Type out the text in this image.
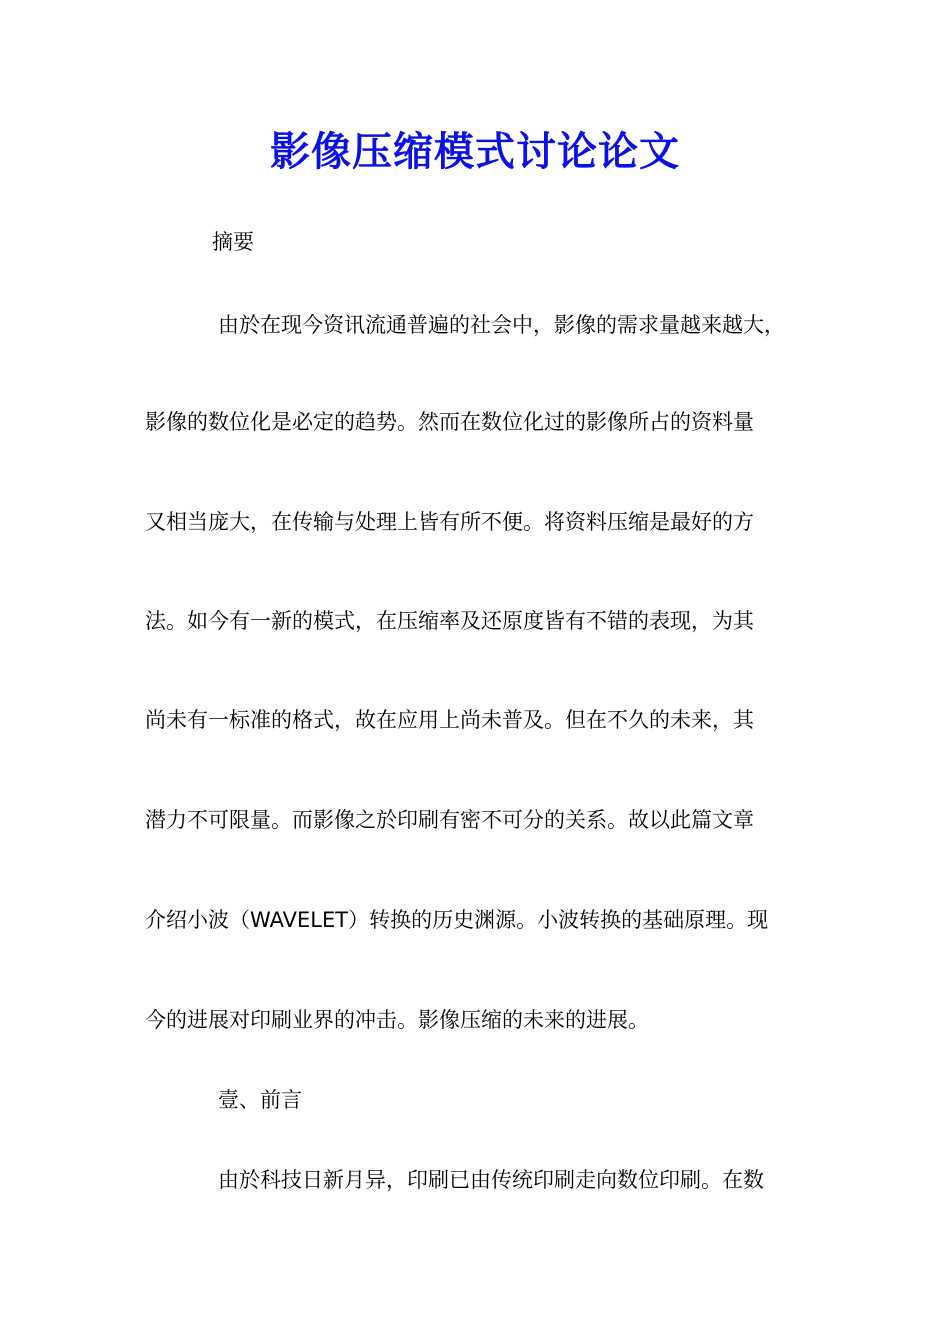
影像压缩模式讨论论文

摘要

由於在现今资讯流通普遍的社会中，影像的需求量越来越大，

影像的数位化是必定的趋势。然而在数位化过的影像所占的资料量

又相当庞大，在传输与处理上皆有所不便。将资料压缩是最好的方

法。如今有一新的模式，在压缩率及还原度皆有不错的表现，为其

尚未有一标准的格式，故在应用上尚未普及。但在不久的未来，其

潜力不可限量。而影像之於印刷有密不可分的关系。故以此篇文章

介绍小波（WAVELET）转换的历史渊源。小波转换的基础原理。现

今的进展对印刷业界的冲击。影像压缩的未来的进展。

壹、前言

由於科技日新月异，印刷已由传统印刷走向数位印刷。在数
